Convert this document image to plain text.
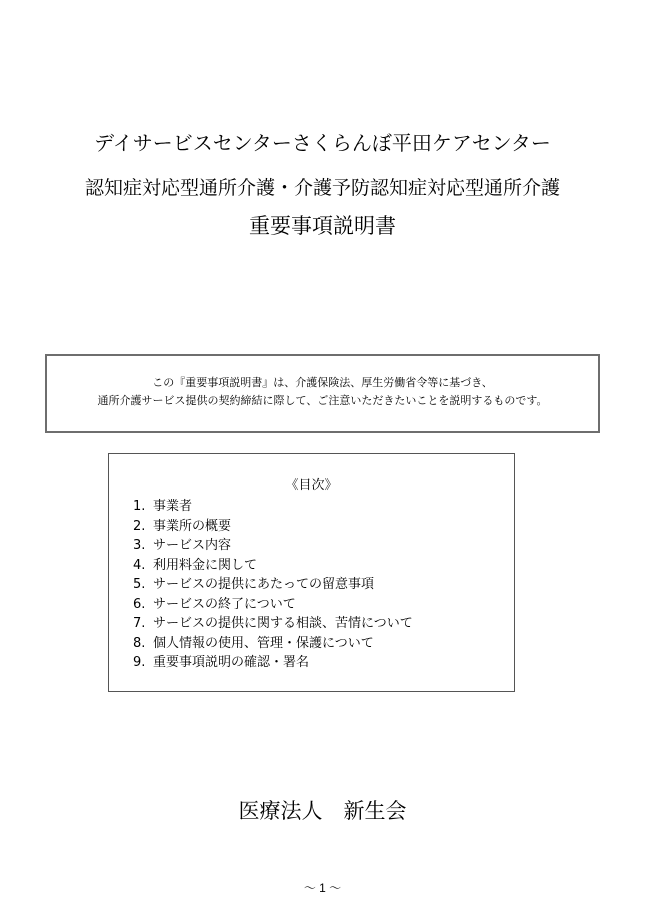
デイサービスセンターさくらんぼ平田ケアセンター
認知症対応型通所介護・介護予防認知症対応型通所介護
重要事項説明書
この『重要事項説明書』は、介護保険法、厚生労働省令等に基づき、
通所介護サービス提供の契約締結に際して、ご注意いただきたいことを説明するものです。
《目次》
1. 事業者
2. 事業所の概要
3. サービス内容
4. 利用料金に関して
5. サービスの提供にあたっての留意事項
6. サービスの終了について
7. サービスの提供に関する相談、苦情について
8. 個人情報の使用、管理・保護について
9. 重要事項説明の確認・署名
医療法人　新生会
～ 1 ～
